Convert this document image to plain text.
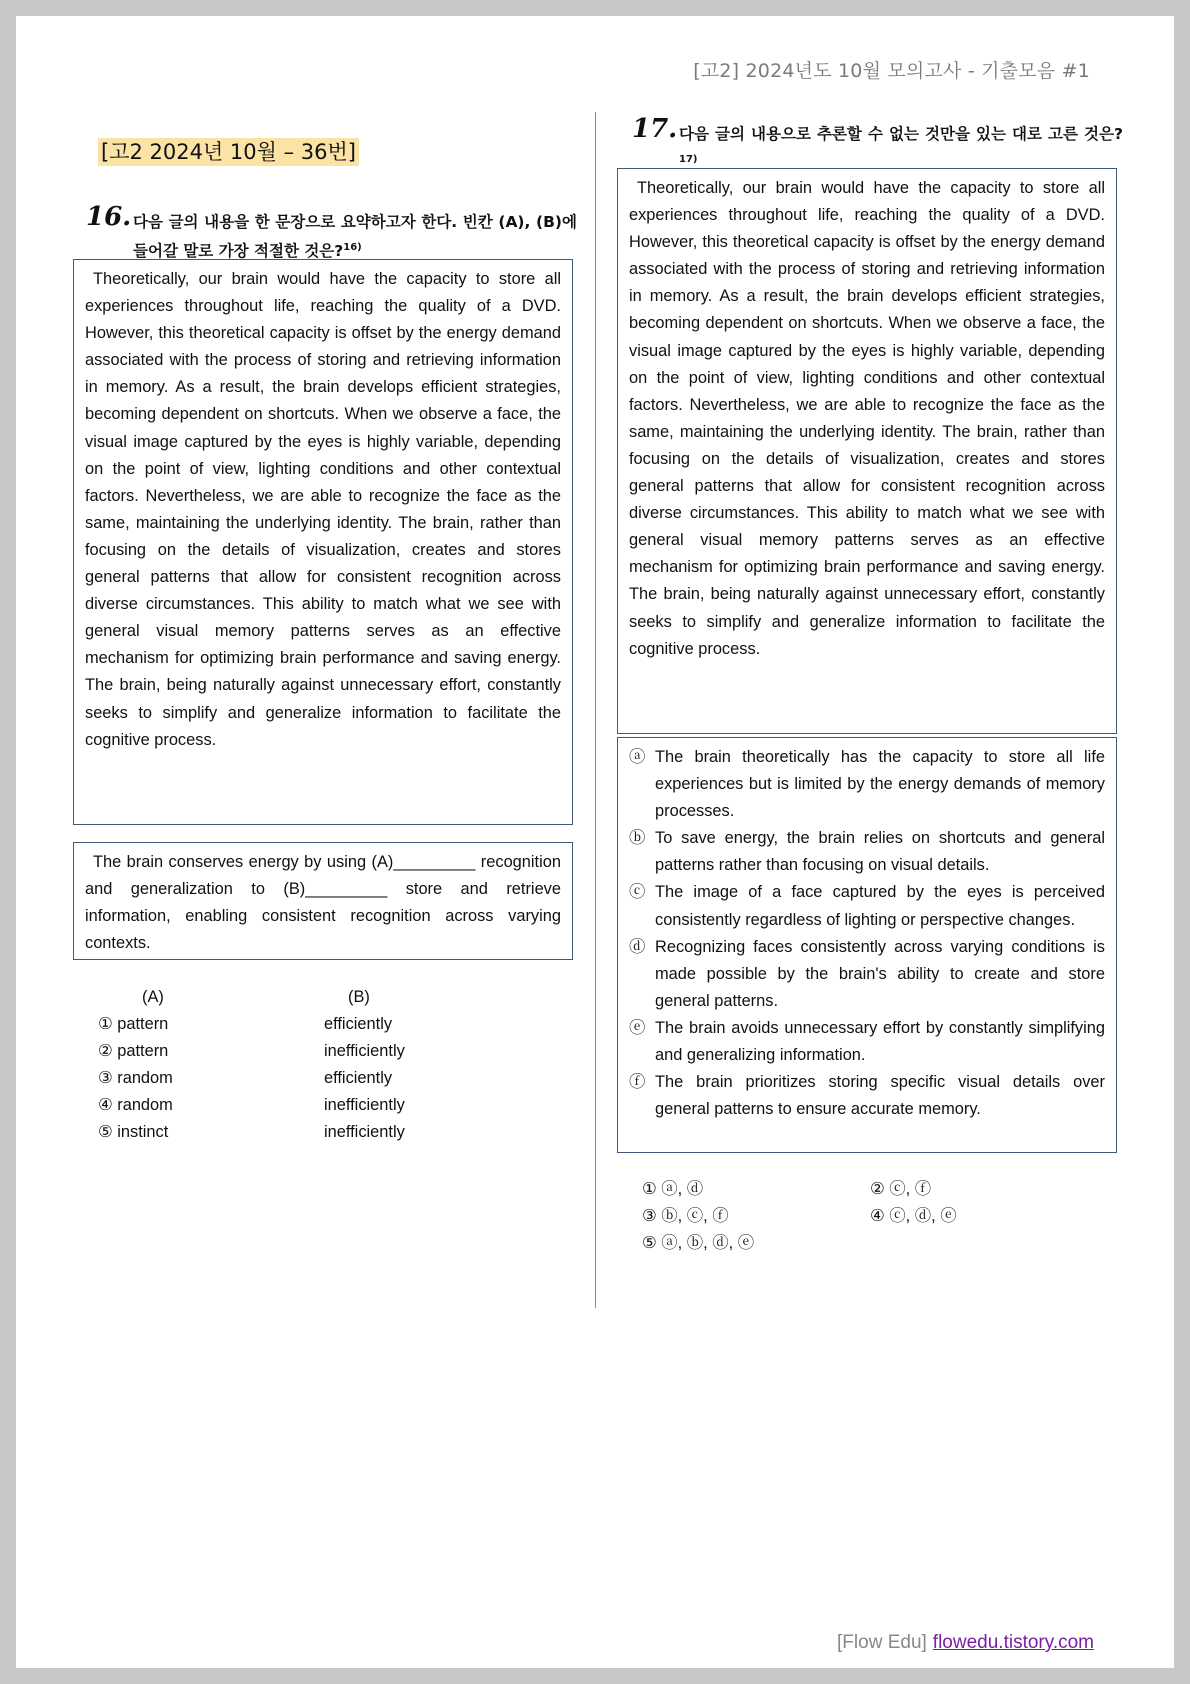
[고2] 2024년도 10월 모의고사 - 기출모음 #1
[고2 2024년 10월 – 36번]
16. 다음 글의 내용을 한 문장으로 요약하고자 한다. 빈칸 (A), (B)에 들어갈 말로 가장 적절한 것은?$^{16)}$
Theoretically, our brain would have the capacity to store all experiences throughout life, reaching the quality of a DVD. However, this theoretical capacity is offset by the energy demand associated with the process of storing and retrieving information in memory. As a result, the brain develops efficient strategies, becoming dependent on shortcuts. When we observe a face, the visual image captured by the eyes is highly variable, depending on the point of view, lighting conditions and other contextual factors. Nevertheless, we are able to recognize the face as the same, maintaining the underlying identity. The brain, rather than focusing on the details of visualization, creates and stores general patterns that allow for consistent recognition across diverse circumstances. This ability to match what we see with general visual memory patterns serves as an effective mechanism for optimizing brain performance and saving energy. The brain, being naturally against unnecessary effort, constantly seeks to simplify and generalize information to facilitate the cognitive process.
The brain conserves energy by using (A)_________ recognition and generalization to (B)_________ store and retrieve information, enabling consistent recognition across varying contexts.
(A)	(B)
① pattern	efficiently
② pattern	inefficiently
③ random	efficiently
④ random	inefficiently
⑤ instinct	inefficiently
17. 다음 글의 내용으로 추론할 수 없는 것만을 있는 대로 고른 것은?$^{17)}$
Theoretically, our brain would have the capacity to store all experiences throughout life, reaching the quality of a DVD. However, this theoretical capacity is offset by the energy demand associated with the process of storing and retrieving information in memory. As a result, the brain develops efficient strategies, becoming dependent on shortcuts. When we observe a face, the visual image captured by the eyes is highly variable, depending on the point of view, lighting conditions and other contextual factors. Nevertheless, we are able to recognize the face as the same, maintaining the underlying identity. The brain, rather than focusing on the details of visualization, creates and stores general patterns that allow for consistent recognition across diverse circumstances. This ability to match what we see with general visual memory patterns serves as an effective mechanism for optimizing brain performance and saving energy. The brain, being naturally against unnecessary effort, constantly seeks to simplify and generalize information to facilitate the cognitive process.
ⓐ The brain theoretically has the capacity to store all life experiences but is limited by the energy demands of memory processes.
ⓑ To save energy, the brain relies on shortcuts and general patterns rather than focusing on visual details.
ⓒ The image of a face captured by the eyes is perceived consistently regardless of lighting or perspective changes.
ⓓ Recognizing faces consistently across varying conditions is made possible by the brain's ability to create and store general patterns.
ⓔ The brain avoids unnecessary effort by constantly simplifying and generalizing information.
ⓕ The brain prioritizes storing specific visual details over general patterns to ensure accurate memory.
① ⓐ, ⓓ	② ⓒ, ⓕ
③ ⓑ, ⓒ, ⓕ	④ ⓒ, ⓓ, ⓔ
⑤ ⓐ, ⓑ, ⓓ, ⓔ
[Flow Edu] flowedu.tistory.com
